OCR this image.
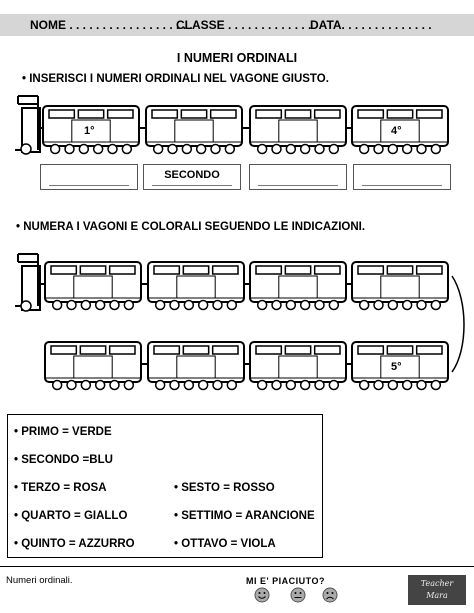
NOME . . . . . . . . . . . . . . . . . . .
CLASSE . . . . . . . . . . . . .
DATA. . . . . . . . . . . . . .
I NUMERI ORDINALI
• INSERISCI I NUMERI ORDINALI NEL VAGONE GIUSTO.
1°	4°
SECONDO
• NUMERA I VAGONI E COLORALI SEGUENDO LE INDICAZIONI.
5°
• PRIMO = VERDE
• SECONDO =BLU
• TERZO = ROSA
• QUARTO = GIALLO
• QUINTO = AZZURRO
• SESTO = ROSSO
• SETTIMO = ARANCIONE
• OTTAVO = VIOLA
Numeri ordinali.	MI E' PIACIUTO?	Teacher
Mara
